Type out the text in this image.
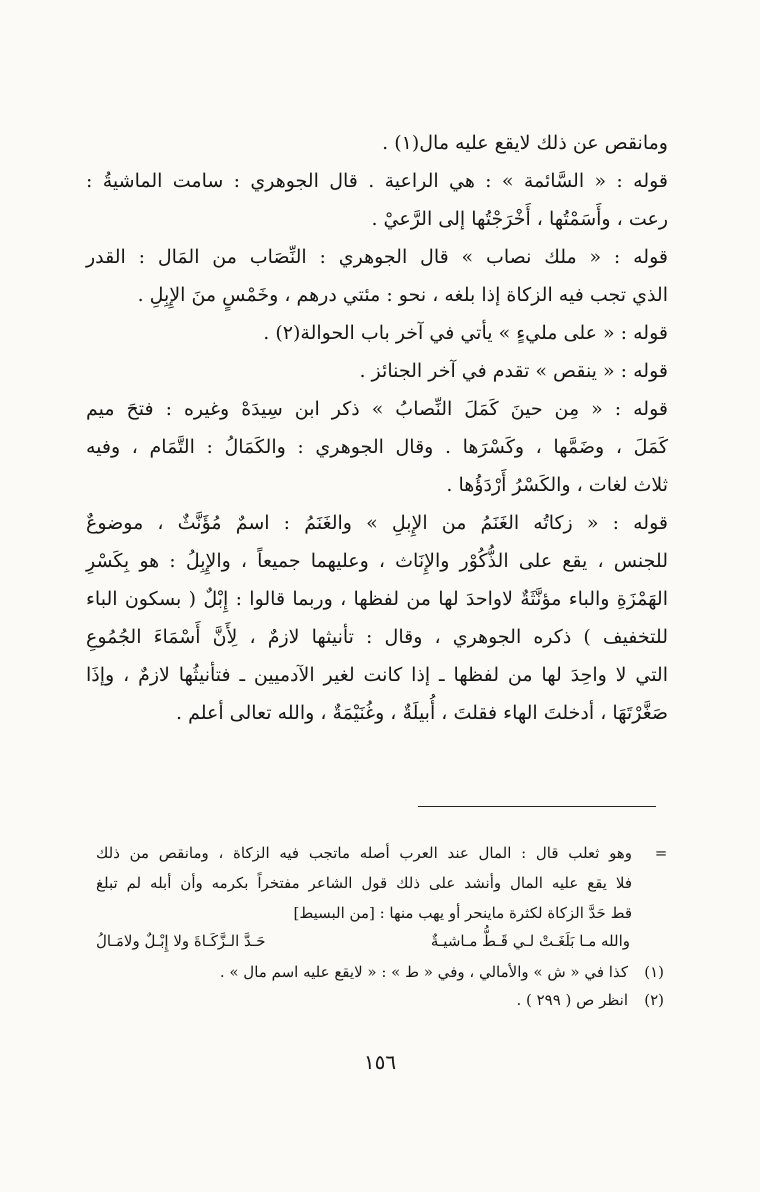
ومانقص عن ذلك لايقع عليه مال(١) .
قوله : « السَّائمة » : هي الراعية . قال الجوهري : سامت الماشيةُ :
رعت ، وأَسَمْتُها ، أَخْرَجْتُها إلى الرَّعيْ .
قوله : « ملك نصاب » قال الجوهري : النِّصَاب من المَال : القدر
الذي تجب فيه الزكاة إذا بلغه ، نحو : مئتي درهم ، وخَمْسٍ منَ الإِبِلِ .
قوله : « على مليءٍ » يأتي في آخر باب الحوالة(٢) .
قوله : « ينقص » تقدم في آخر الجنائز .
قوله : « مِن حينَ كَمَلَ النِّصابُ » ذكر ابن سِيدَهْ وغيره : فتحَ ميم
كَمَلَ ، وضَمَّها ، وكَسْرَها . وقال الجوهري : والكَمَالُ : التَّمَام ، وفيه
ثلاث لغات ، والكَسْرُ أَرْدَؤُها .
قوله : « زكاتُه الغَنَمُ من الإِبلِ » والغَنَمُ : اسمٌ مُؤَنَّثٌ ، موضوعٌ
للجنس ، يقع على الذُّكُوْر والإِنَاث ، وعليهما جميعاً ، والإِبِلُ : هو بِكَسْرِ
الهَمْزَةِ والباء مؤنَّثَةٌ لاواحدَ لها من لفظها ، وربما قالوا : إِبْلٌ ( بسكون الباء
للتخفيف ) ذكره الجوهري ، وقال : تأنيثها لازمٌ ، لِأَنَّ أَسْمَاءَ الجُمُوعِ
التي لا واحِدَ لها من لفظها ـ إذا كانت لغير الآدميين ـ فتأنيثُها لازمٌ ، وإذَا
صَغَّرْتَهَا ، أدخلتَ الهاء فقلتَ ، أُبيلَةٌ ، وغُنَيْمَةٌ ، والله تعالى أعلم .
=
وهو ثعلب قال : المال عند العرب أصله ماتجب فيه الزكاة ، ومانقص من ذلك
فلا يقع عليه المال وأنشد على ذلك قول الشاعر مفتخراً بكرمه وأن أبله لم تبلغ
قط حَدَّ الزكاة لكثرة ماينحر أو يهب منها : [من البسيط]
والله مـا بَلَغَـتْ لـي قَـطُّ مـاشيـةٌ
حَـدَّ الـزَّكَـاةَ ولا إِبْـلٌ ولامَـالُ
(١)
كذا في « ش » والأمالي ، وفي « ط » : « لايقع عليه اسم مال » .
(٢)
انظر ص ( ٢٩٩ ) .
١٥٦
